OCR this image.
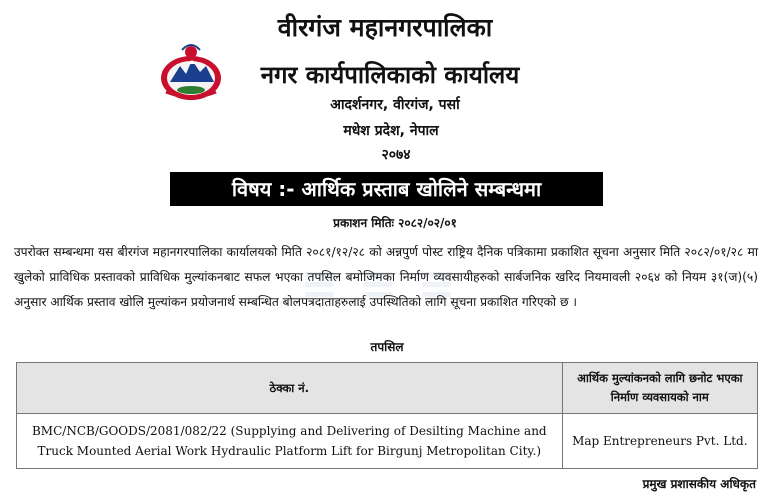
≡ ≡ ≡
वीरगंज महानगरपालिका
नगर कार्यपालिकाको कार्यालय
आदर्शनगर, वीरगंज, पर्सा
मधेश प्रदेश, नेपाल
२०७४
विषय :- आर्थिक प्रस्ताब खोलिने सम्बन्धमा
प्रकाशन मितिः २०८२/०२/०१
उपरोक्त सम्बन्धमा यस बीरगंज महानगरपालिका कार्यालयको मिति २०८१/१२/२८ को अन्नपुर्ण पोस्ट राष्ट्रिय दैनिक पत्रिकामा प्रकाशित सूचना अनुसार मिति २०८२/०१/२८ मा खुलेको प्राविधिक प्रस्तावको प्राविधिक मुल्यांकनबाट सफल भएका तपसिल बमोजिमका निर्माण व्यवसायीहरुको सार्बजनिक खरिद नियमावली २०६४ को नियम ३१(ज)(५) अनुसार आर्थिक प्रस्ताव खोलि मुल्यांकन प्रयोजनार्थ सम्बन्धित बोलपत्रदाताहरुलाई उपस्थितिको लागि सूचना प्रकाशित गरिएको छ ।
तपसिल
ठेक्का नं.	आर्थिक मुल्यांकनको लागि छनोट भएका निर्माण व्यवसायको नाम
BMC/NCB/GOODS/2081/082/22 (Supplying and Delivering of Desilting Machine and Truck Mounted Aerial Work Hydraulic Platform Lift for Birgunj Metropolitan City.)	Map Entrepreneurs Pvt. Ltd.
प्रमुख प्रशासकीय अधिकृत
